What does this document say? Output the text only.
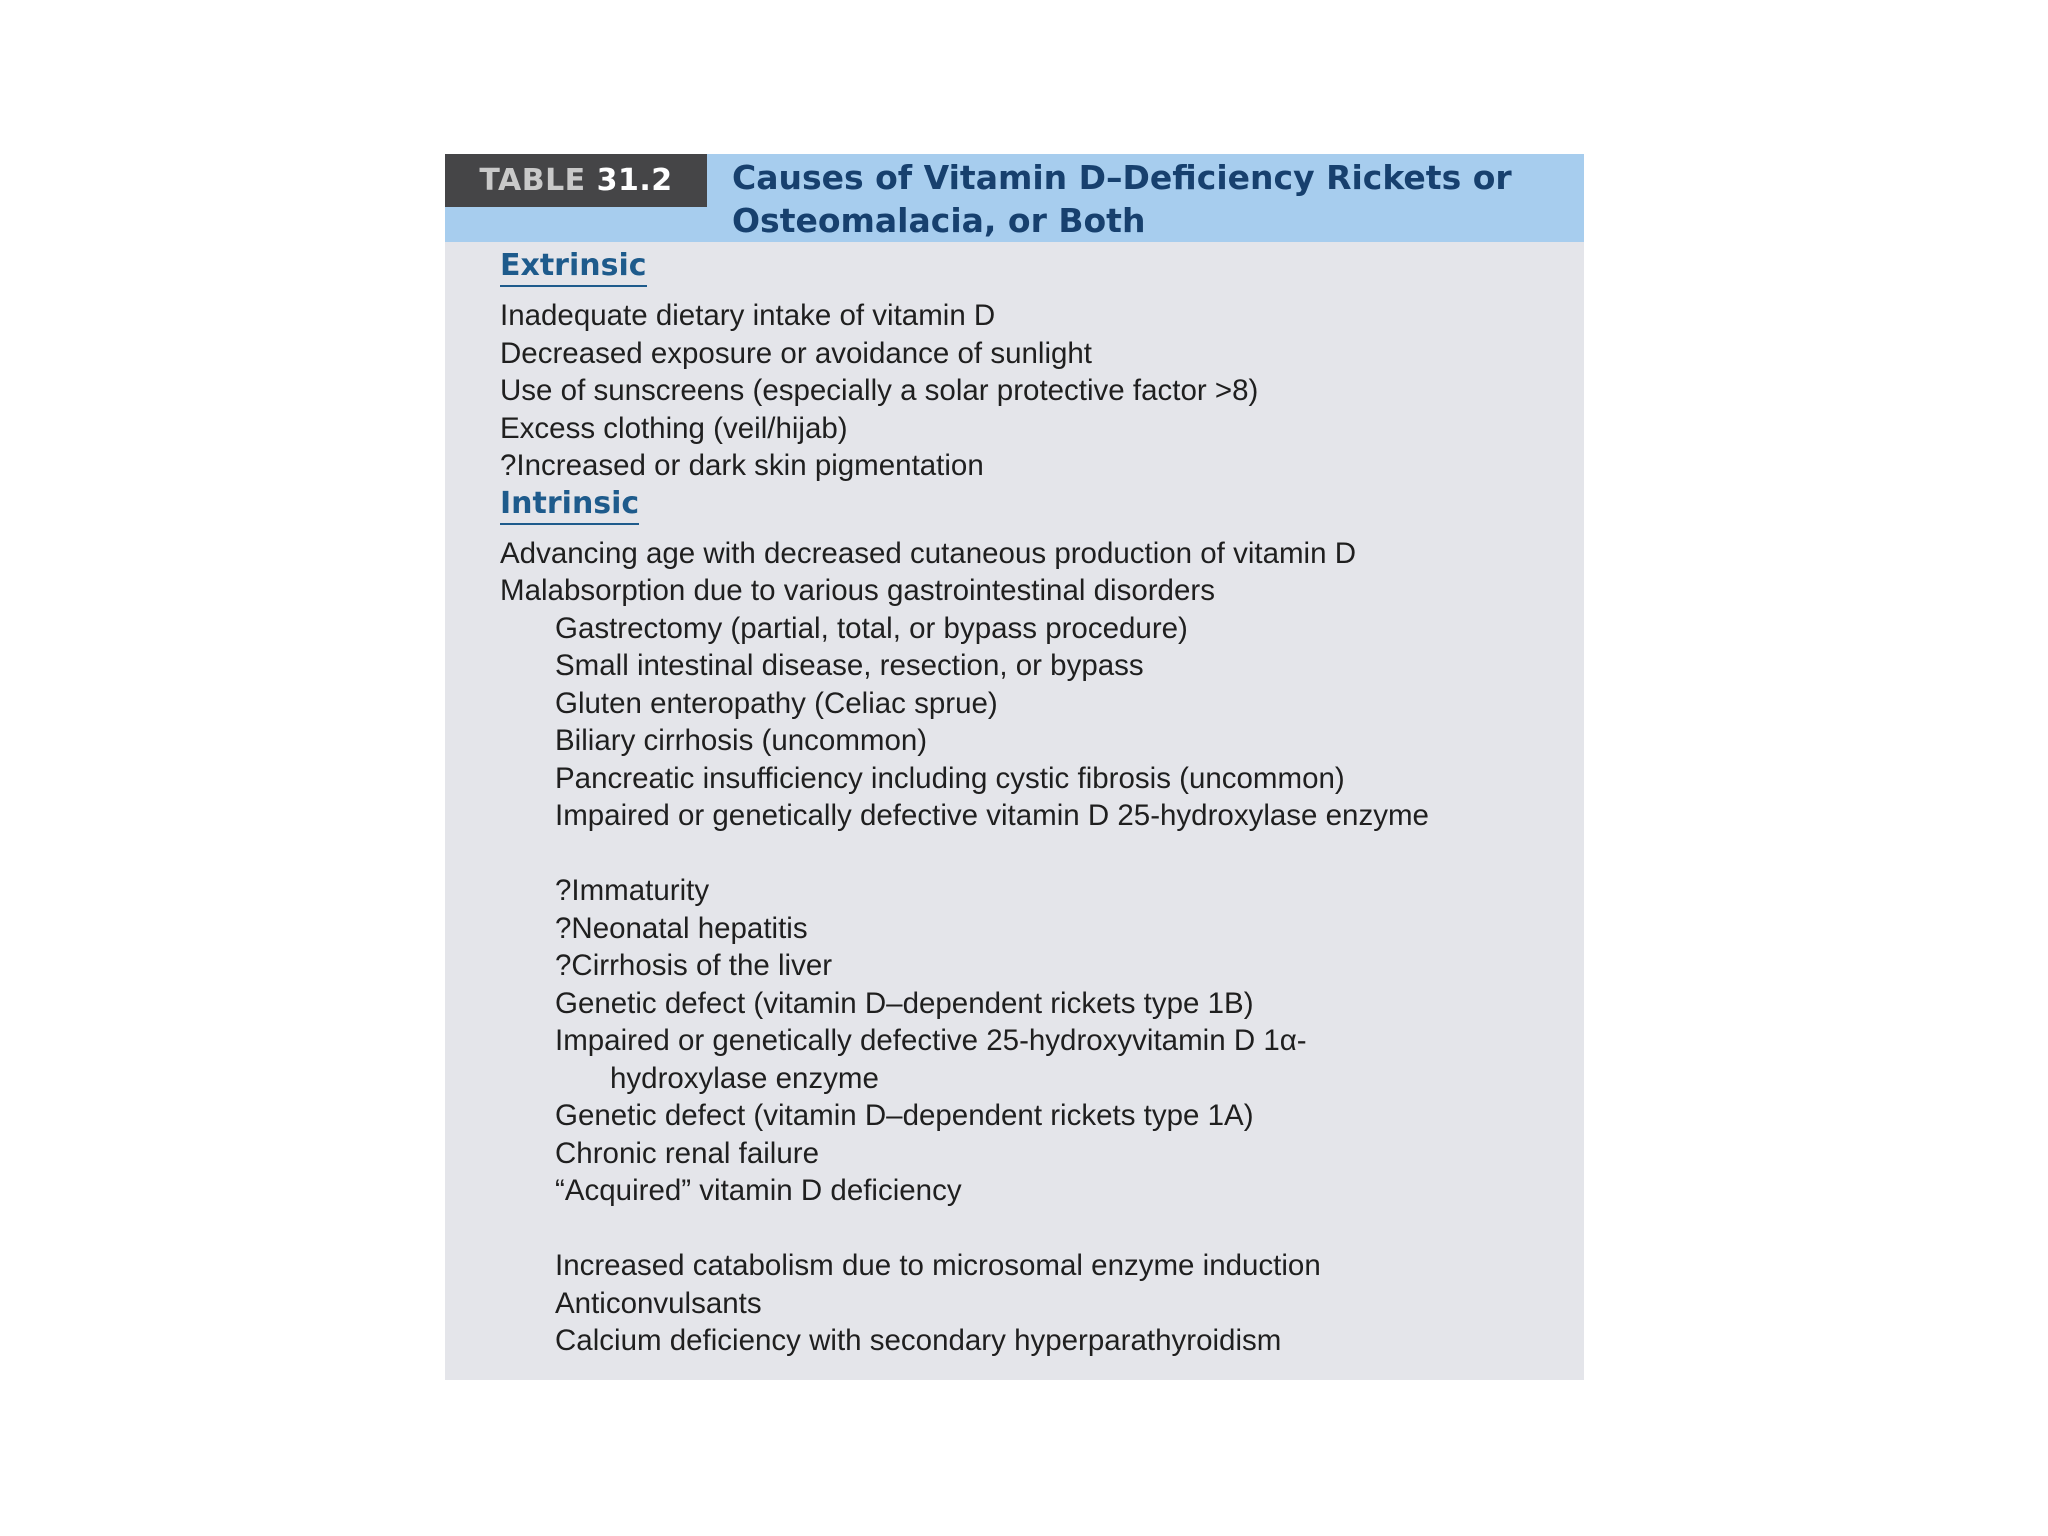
TABLE 31.2	Causes of Vitamin D–Deficiency Rickets or
Osteomalacia, or Both
Extrinsic
Inadequate dietary intake of vitamin D
Decreased exposure or avoidance of sunlight
Use of sunscreens (especially a solar protective factor >8)
Excess clothing (veil/hijab)
?Increased or dark skin pigmentation
Intrinsic
Advancing age with decreased cutaneous production of vitamin D
Malabsorption due to various gastrointestinal disorders
Gastrectomy (partial, total, or bypass procedure)
Small intestinal disease, resection, or bypass
Gluten enteropathy (Celiac sprue)
Biliary cirrhosis (uncommon)
Pancreatic insufficiency including cystic fibrosis (uncommon)
Impaired or genetically defective vitamin D 25-hydroxylase enzyme
?Immaturity
?Neonatal hepatitis
?Cirrhosis of the liver
Genetic defect (vitamin D–dependent rickets type 1B)
Impaired or genetically defective 25-hydroxyvitamin D 1α-
hydroxylase enzyme
Genetic defect (vitamin D–dependent rickets type 1A)
Chronic renal failure
“Acquired” vitamin D deficiency
Increased catabolism due to microsomal enzyme induction
Anticonvulsants
Calcium deficiency with secondary hyperparathyroidism
